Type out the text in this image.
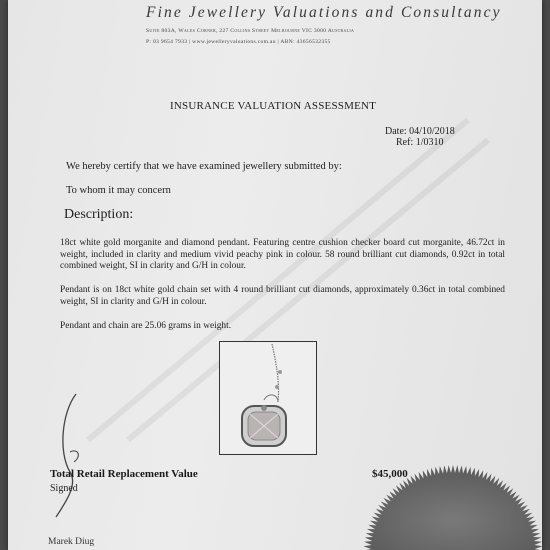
Fine Jewellery Valuations and Consultancy
Suite 803A, Wales Corner, 227 Collins Street Melbourne VIC 3000 Australia
P: 03 9654 7933 | www.jewelleryvaluations.com.au | ABN: 43656532355
INSURANCE VALUATION ASSESSMENT
Date: 04/10/2018
Ref: 1/0310
We hereby certify that we have examined jewellery submitted by:
To whom it may concern
Description:
18ct white gold morganite and diamond pendant. Featuring centre cushion checker board cut morganite, 46.72ct in weight, included in clarity and medium vivid peachy pink in colour. 58 round brilliant cut diamonds, 0.92ct in total combined weight, SI in clarity and G/H in colour.
Pendant is on 18ct white gold chain set with 4 round brilliant cut diamonds, approximately 0.36ct in total combined weight, SI in clarity and G/H in colour.
Pendant and chain are 25.06 grams in weight.
Total Retail Replacement Value	$45,000
Signed
Marek Diug
